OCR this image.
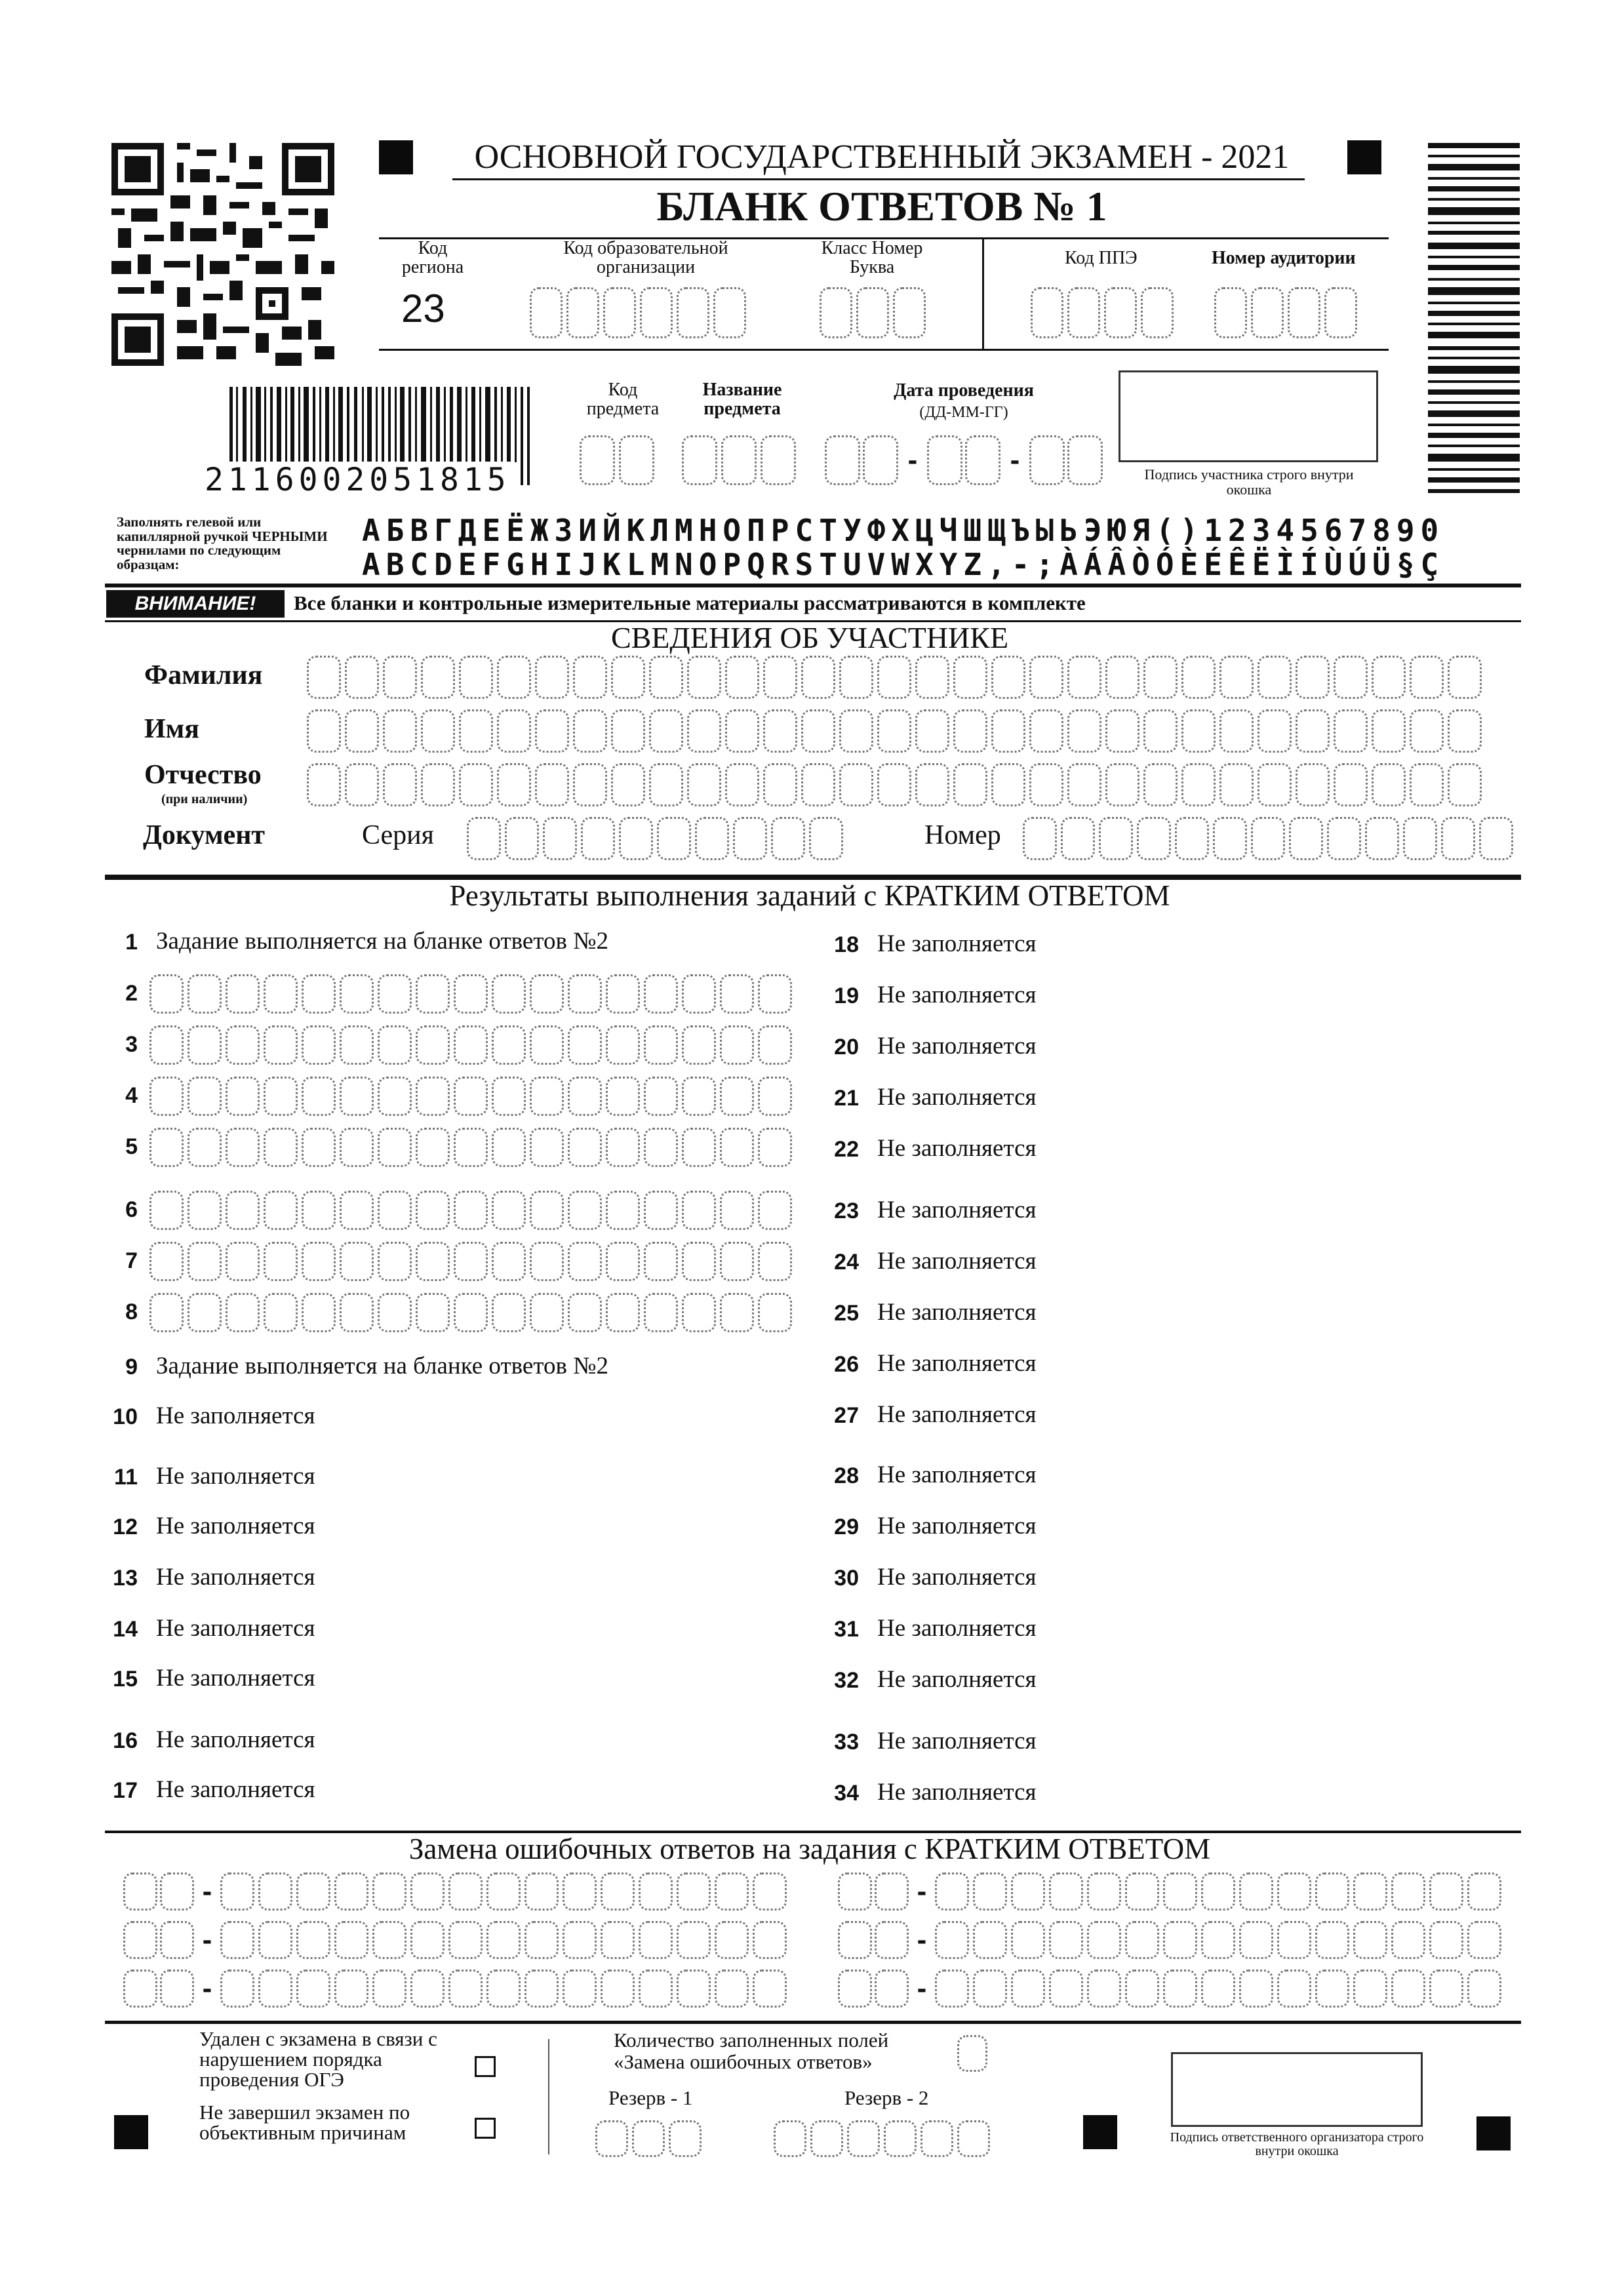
ОСНОВНОЙ ГОСУДАРСТВЕННЫЙ ЭКЗАМЕН - 2021
БЛАНК ОТВЕТОВ № 1
Код региона
23
Код образовательной организации
Класс Номер Буква	Код ППЭ	Номер аудитории
2116002051815
Код предмета
Название предмета
Дата проведения
(ДД-ММ-ГГ)
-	-	Подпись участника строго внутри окошка
Заполнять гелевой или капиллярной ручкой ЧЕРНЫМИ чернилами по следующим образцам:
АБВГДЕЁЖЗИЙКЛМНОПРСТУФХЦЧШЩЪЫЬЭЮЯ()1234567890
ABCDEFGHIJKLMNOPQRSTUVWXYZ,-;ÀÁÂÒÓÈÉÊËÌÍÙÚÜ§Ç
ВНИМАНИЕ!	Все бланки и контрольные измерительные материалы рассматриваются в комплекте
СВЕДЕНИЯ ОБ УЧАСТНИКЕ
Фамилия
Имя
Отчество
(при наличии)
Документ	Серия	Номер
Результаты выполнения заданий с КРАТКИМ ОТВЕТОМ
1 Задание выполняется на бланке ответов №2
2
3
4
5
6
7
8
9 Задание выполняется на бланке ответов №2
10 Не заполняется
11 Не заполняется
12 Не заполняется
13 Не заполняется
14 Не заполняется
15 Не заполняется
16 Не заполняется
17 Не заполняется
18 Не заполняется
19 Не заполняется
20 Не заполняется
21 Не заполняется
22 Не заполняется
23 Не заполняется
24 Не заполняется
25 Не заполняется
26 Не заполняется
27 Не заполняется
28 Не заполняется
29 Не заполняется
30 Не заполняется
31 Не заполняется
32 Не заполняется
33 Не заполняется
34 Не заполняется
Замена ошибочных ответов на задания с КРАТКИМ ОТВЕТОМ
-
-
-
-
-
-
Удален с экзамена в связи с нарушением порядка проведения ОГЭ
Не завершил экзамен по объективным причинам
Количество заполненных полей «Замена ошибочных ответов»
Резерв - 1	Резерв - 2
Подпись ответственного организатора строго внутри окошка
